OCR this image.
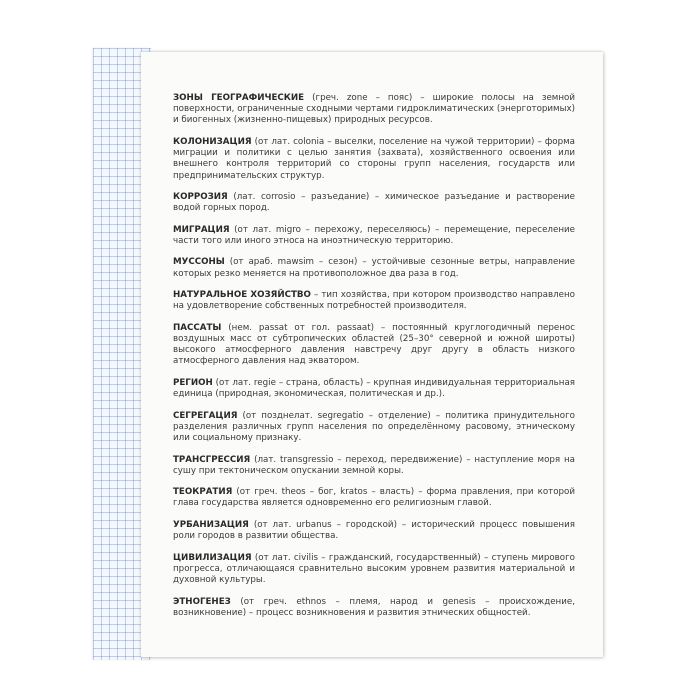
ЗОНЫ ГЕОГРАФИЧЕСКИЕ (греч. zone – пояс) – широкие полосы на земной поверхности, ограниченные сходными чертами гидроклиматических (энерготоримых) и биогенных (жизненно-пищевых) природных ресурсов.

КОЛОНИЗАЦИЯ (от лат. colonia – выселки, поселение на чужой территории) – форма миграции и политики с целью занятия (захвата), хозяйственного освоения или внешнего контроля территорий со стороны групп населения, государств или предпринимательских структур.

КОРРОЗИЯ (лат. corrosio – разъедание) – химическое разъедание и растворение водой горных пород.

МИГРАЦИЯ (от лат. migro – перехожу, переселяюсь) – перемещение, переселение части того или иного этноса на иноэтническую территорию.

МУССОНЫ (от араб. mawsim – сезон) – устойчивые сезонные ветры, направление которых резко меняется на противоположное два раза в год.

НАТУРАЛЬНОЕ ХОЗЯЙСТВО – тип хозяйства, при котором производство направлено на удовлетворение собственных потребностей производителя.

ПАССАТЫ (нем. passat от гол. passaat) – постоянный круглогодичный перенос воздушных масс от субтропических областей (25–30° северной и южной широты) высокого атмосферного давления навстречу друг другу в область низкого атмосферного давления над экватором.

РЕГИОН (от лат. regie – страна, область) – крупная индивидуальная территориальная единица (природная, экономическая, политическая и др.).

СЕГРЕГАЦИЯ (от позднелат. segregatio – отделение) – политика принудительного разделения различных групп населения по определённому расовому, этническому или социальному признаку.

ТРАНСГРЕССИЯ (лат. transgressio – переход, передвижение) – наступление моря на сушу при тектоническом опускании земной коры.

ТЕОКРАТИЯ (от греч. theos – бог, kratos – власть) – форма правления, при которой глава государства является одновременно его религиозным главой.

УРБАНИЗАЦИЯ (от лат. urbanus – городской) – исторический процесс повышения роли городов в развитии общества.

ЦИВИЛИЗАЦИЯ (от лат. civilis – гражданский, государственный) – ступень мирового прогресса, отличающаяся сравнительно высоким уровнем развития материальной и духовной культуры.

ЭТНОГЕНЕЗ (от греч. ethnos – племя, народ и genesis – происхождение, возникновение) – процесс возникновения и развития этнических общностей.
